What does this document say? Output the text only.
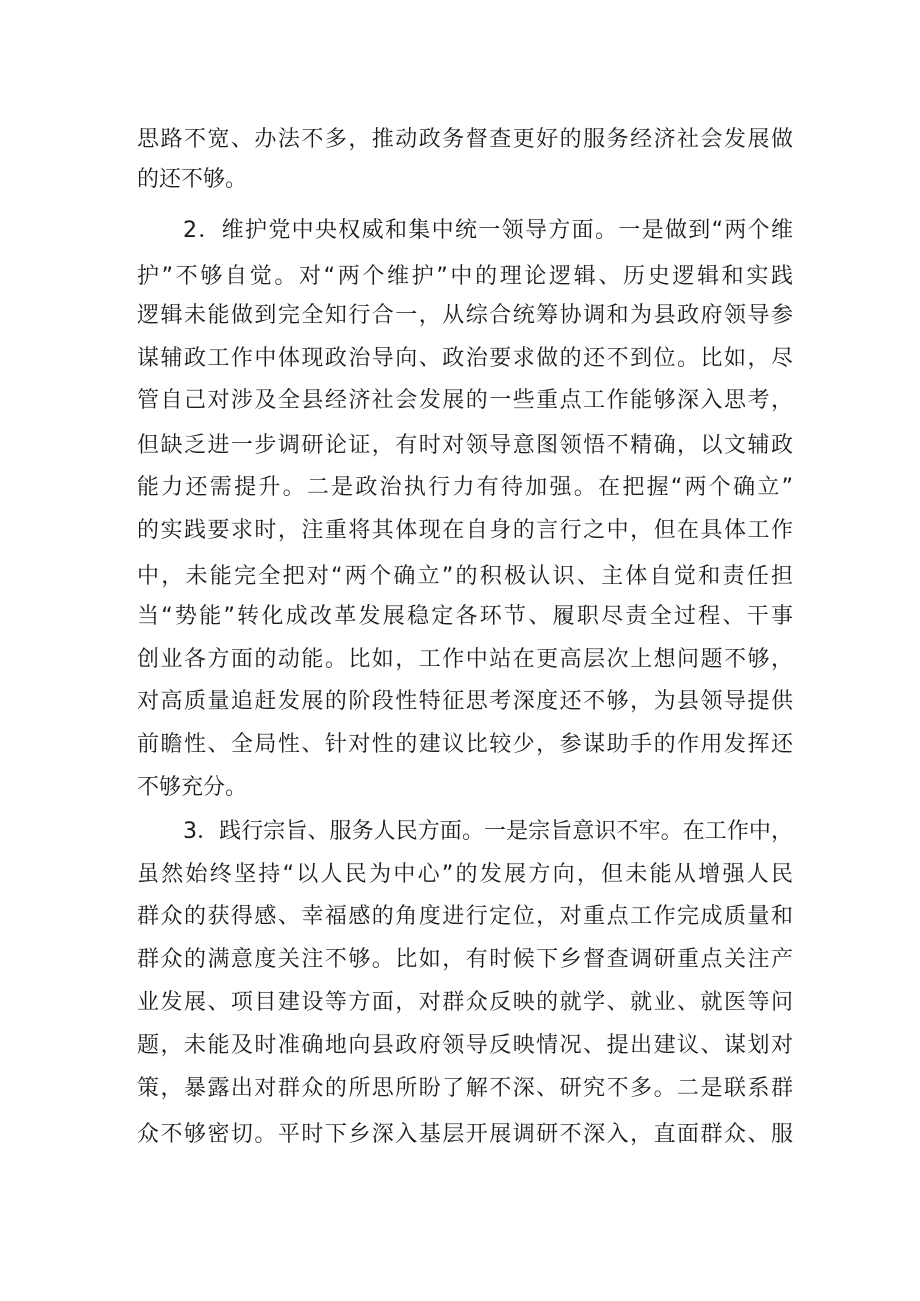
思路不宽、办法不多，推动政务督查更好的服务经济社会发展做
的还不够。
2．维护党中央权威和集中统一领导方面。一是做到“两个维
护”不够自觉。对“两个维护”中的理论逻辑、历史逻辑和实践
逻辑未能做到完全知行合一，从综合统筹协调和为县政府领导参
谋辅政工作中体现政治导向、政治要求做的还不到位。比如，尽
管自己对涉及全县经济社会发展的一些重点工作能够深入思考，
但缺乏进一步调研论证，有时对领导意图领悟不精确，以文辅政
能力还需提升。二是政治执行力有待加强。在把握“两个确立”
的实践要求时，注重将其体现在自身的言行之中，但在具体工作
中，未能完全把对“两个确立”的积极认识、主体自觉和责任担
当“势能”转化成改革发展稳定各环节、履职尽责全过程、干事
创业各方面的动能。比如，工作中站在更高层次上想问题不够，
对高质量追赶发展的阶段性特征思考深度还不够，为县领导提供
前瞻性、全局性、针对性的建议比较少，参谋助手的作用发挥还
不够充分。
3．践行宗旨、服务人民方面。一是宗旨意识不牢。在工作中，
虽然始终坚持“以人民为中心”的发展方向，但未能从增强人民
群众的获得感、幸福感的角度进行定位，对重点工作完成质量和
群众的满意度关注不够。比如，有时候下乡督查调研重点关注产
业发展、项目建设等方面，对群众反映的就学、就业、就医等问
题，未能及时准确地向县政府领导反映情况、提出建议、谋划对
策，暴露出对群众的所思所盼了解不深、研究不多。二是联系群
众不够密切。平时下乡深入基层开展调研不深入，直面群众、服
